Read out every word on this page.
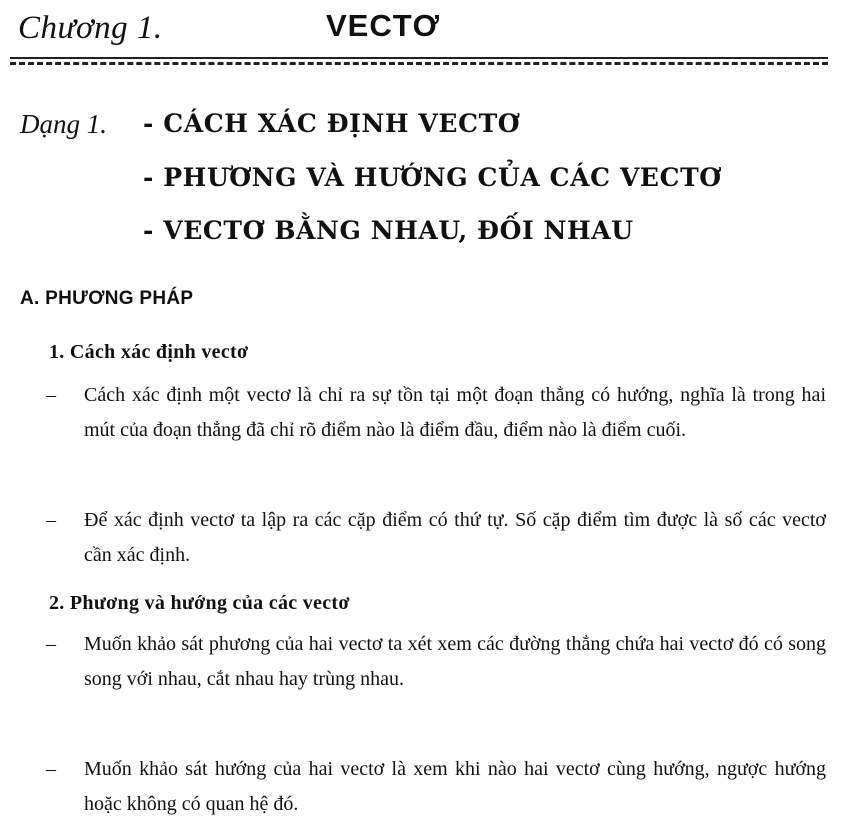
Chương 1.	VECTƠ
Dạng 1. - CÁCH XÁC ĐỊNH VECTƠ
- PHƯƠNG VÀ HƯỚNG CỦA CÁC VECTƠ
- VECTƠ BẰNG NHAU, ĐỐI NHAU
A. PHƯƠNG PHÁP
1. Cách xác định vectơ
–	Cách xác định một vectơ là chỉ ra sự tồn tại một đoạn thẳng có hướng, nghĩa là trong hai mút của đoạn thẳng đã chỉ rõ điểm nào là điểm đầu, điểm nào là điểm cuối.
–	Để xác định vectơ ta lập ra các cặp điểm có thứ tự. Số cặp điểm tìm được là số các vectơ cần xác định.
2. Phương và hướng của các vectơ
–	Muốn khảo sát phương của hai vectơ ta xét xem các đường thẳng chứa hai vectơ đó có song song với nhau, cắt nhau hay trùng nhau.
–	Muốn khảo sát hướng của hai vectơ là xem khi nào hai vectơ cùng hướng, ngược hướng hoặc không có quan hệ đó.
